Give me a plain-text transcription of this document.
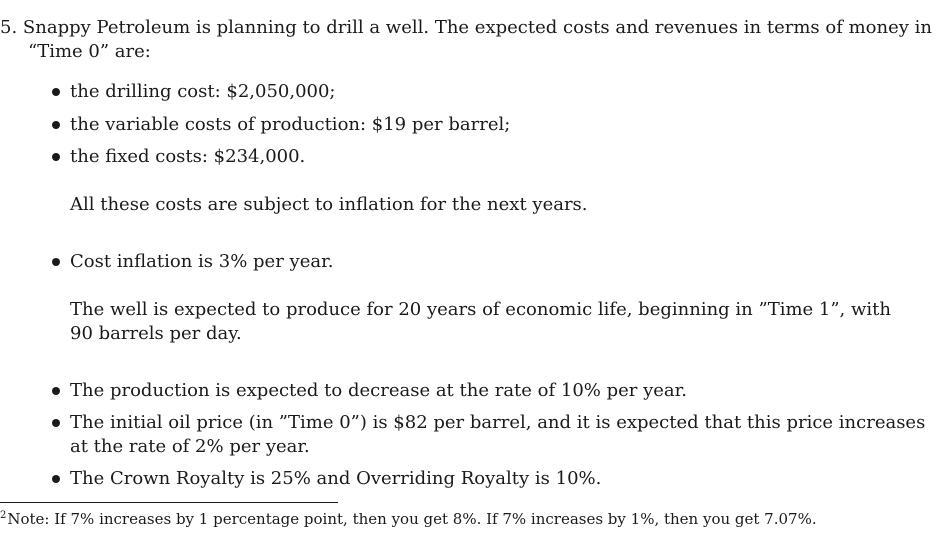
5. Snappy Petroleum is planning to drill a well. The expected costs and revenues in terms of money in
“Time 0” are:
the drilling cost: $2,050,000;
the variable costs of production: $19 per barrel;
the fixed costs: $234,000.
All these costs are subject to inflation for the next years.
Cost inflation is 3% per year.
The well is expected to produce for 20 years of economic life, beginning in ”Time 1”, with
90 barrels per day.
The production is expected to decrease at the rate of 10% per year.
The initial oil price (in ”Time 0”) is $82 per barrel, and it is expected that this price increases
at the rate of 2% per year.
The Crown Royalty is 25% and Overriding Royalty is 10%.
$^2$Note: If 7% increases by 1 percentage point, then you get 8%. If 7% increases by 1%, then you get 7.07%.
